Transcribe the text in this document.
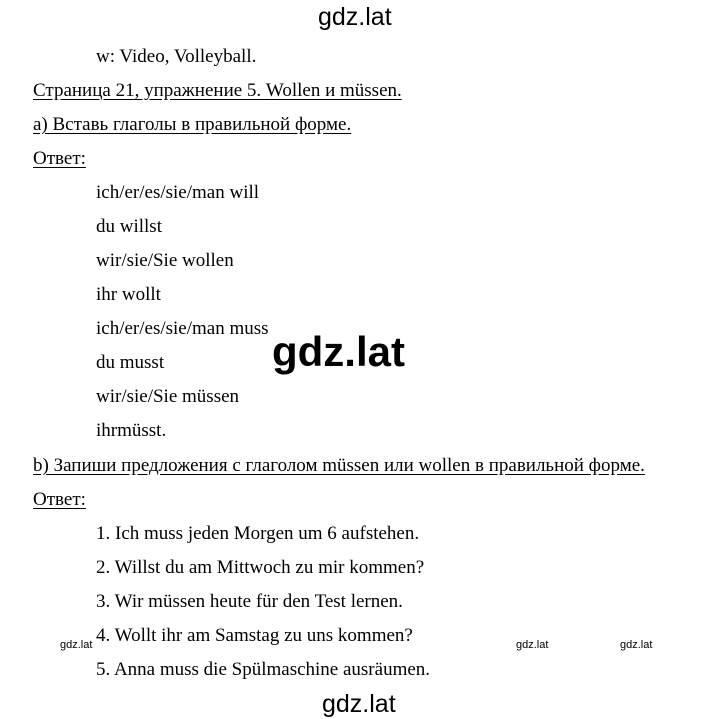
gdz.lat
w: Video, Volleyball.
Страница 21, упражнение 5. Wollen и müssen.
a) Вставь глаголы в правильной форме.
Ответ:
ich/er/es/sie/man will
du willst
wir/sie/Sie wollen
ihr wollt
ich/er/es/sie/man muss
du musst
wir/sie/Sie müssen
ihrmüsst.
b) Запиши предложения с глаголом müssen или wollen в правильной форме.
Ответ:
1. Ich muss jeden Morgen um 6 aufstehen.
2. Willst du am Mittwoch zu mir kommen?
3. Wir müssen heute für den Test lernen.
4. Wollt ihr am Samstag zu uns kommen?
5. Anna muss die Spülmaschine ausräumen.
gdz.lat
gdz.lat	gdz.lat	gdz.lat
gdz.lat
